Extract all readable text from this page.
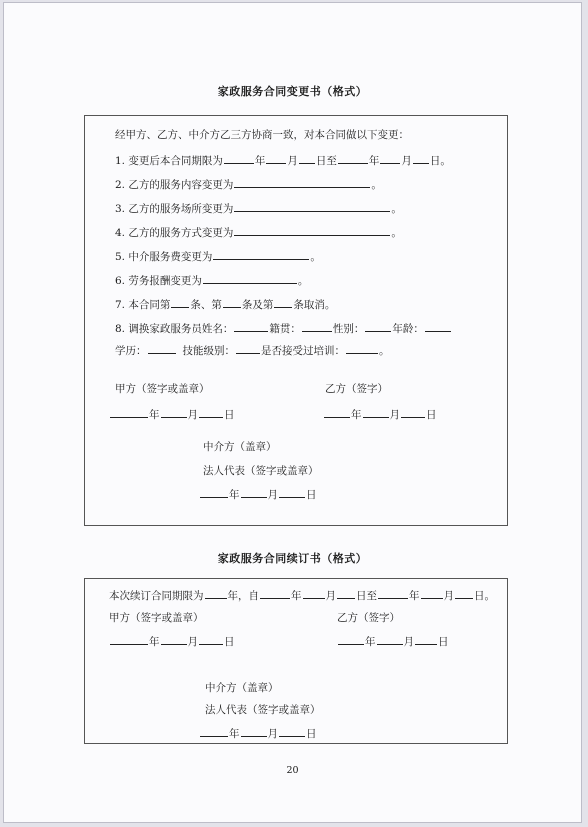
家政服务合同变更书（格式）
经甲方、乙方、中介方乙三方协商一致，对本合同做以下变更：
1. 变更后本合同期限为	年 月 日至	年 月 日。
2. 乙方的服务内容变更为	。
3. 乙方的服务场所变更为	。
4. 乙方的服务方式变更为	。
5. 中介服务费变更为	。
6. 劳务报酬变更为	。
7. 本合同第 条、第 条及第 条取消。
8. 调换家政服务员姓名：	籍贯：	性别：	年龄：
学历：	技能级别： 是否接受过培训：	。
甲方（签字或盖章）	乙方（签字）
年	月 日	年	月 日
中介方（盖章）
法人代表（签字或盖章）
年	月	日
家政服务合同续订书（格式）
本次续订合同期限为 年，自	年 月 日至	年 月 日。
甲方（签字或盖章）	乙方（签字）
年	月 日	年	月 日
中介方（盖章）
法人代表（签字或盖章）
年	月	日
20
